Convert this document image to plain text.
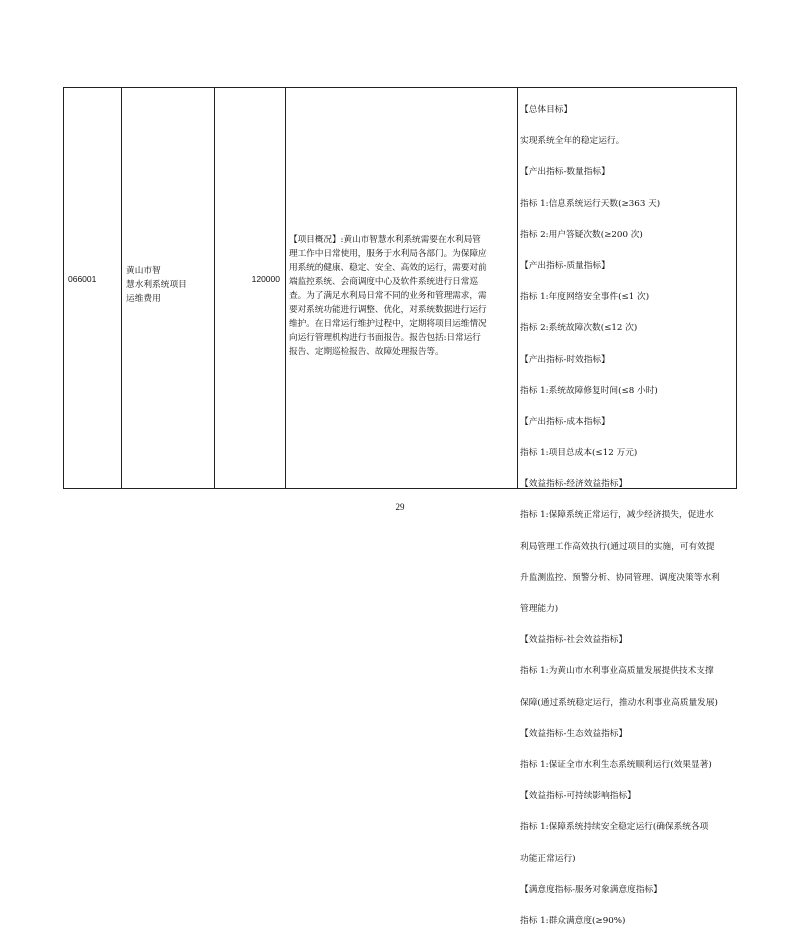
066001
黄山市智
慧水利系统项目
运维费用
120000
【项目概况】:黄山市智慧水利系统需要在水利局管
理工作中日常使用，服务于水利局各部门。为保障应
用系统的健康、稳定、安全、高效的运行，需要对前
端监控系统、会商调度中心及软件系统进行日常巡
查。为了满足水利局日常不同的业务和管理需求，需
要对系统功能进行调整、优化，对系统数据进行运行
维护。在日常运行维护过程中，定期将项目运维情况
向运行管理机构进行书面报告。报告包括:日常运行
报告、定期巡检报告、故障处理报告等。

【总体目标】

实现系统全年的稳定运行。

【产出指标-数量指标】

指标 1:信息系统运行天数(≥363 天)

指标 2:用户答疑次数(≥200 次)

【产出指标-质量指标】

指标 1:年度网络安全事件(≤1 次)

指标 2:系统故障次数(≤12 次)

【产出指标-时效指标】

指标 1:系统故障修复时间(≤8 小时)

【产出指标-成本指标】

指标 1:项目总成本(≤12 万元)

【效益指标-经济效益指标】

指标 1:保障系统正常运行，减少经济损失，促进水

利局管理工作高效执行(通过项目的实施，可有效提

升监测监控、预警分析、协同管理、调度决策等水利

管理能力)

【效益指标-社会效益指标】

指标 1:为黄山市水利事业高质量发展提供技术支撑

保障(通过系统稳定运行，推动水利事业高质量发展)

【效益指标-生态效益指标】

指标 1:保证全市水利生态系统顺利运行(效果显著)

【效益指标-可持续影响指标】

指标 1:保障系统持续安全稳定运行(确保系统各项

功能正常运行)

【满意度指标-服务对象满意度指标】

指标 1:群众满意度(≥90%)

29
